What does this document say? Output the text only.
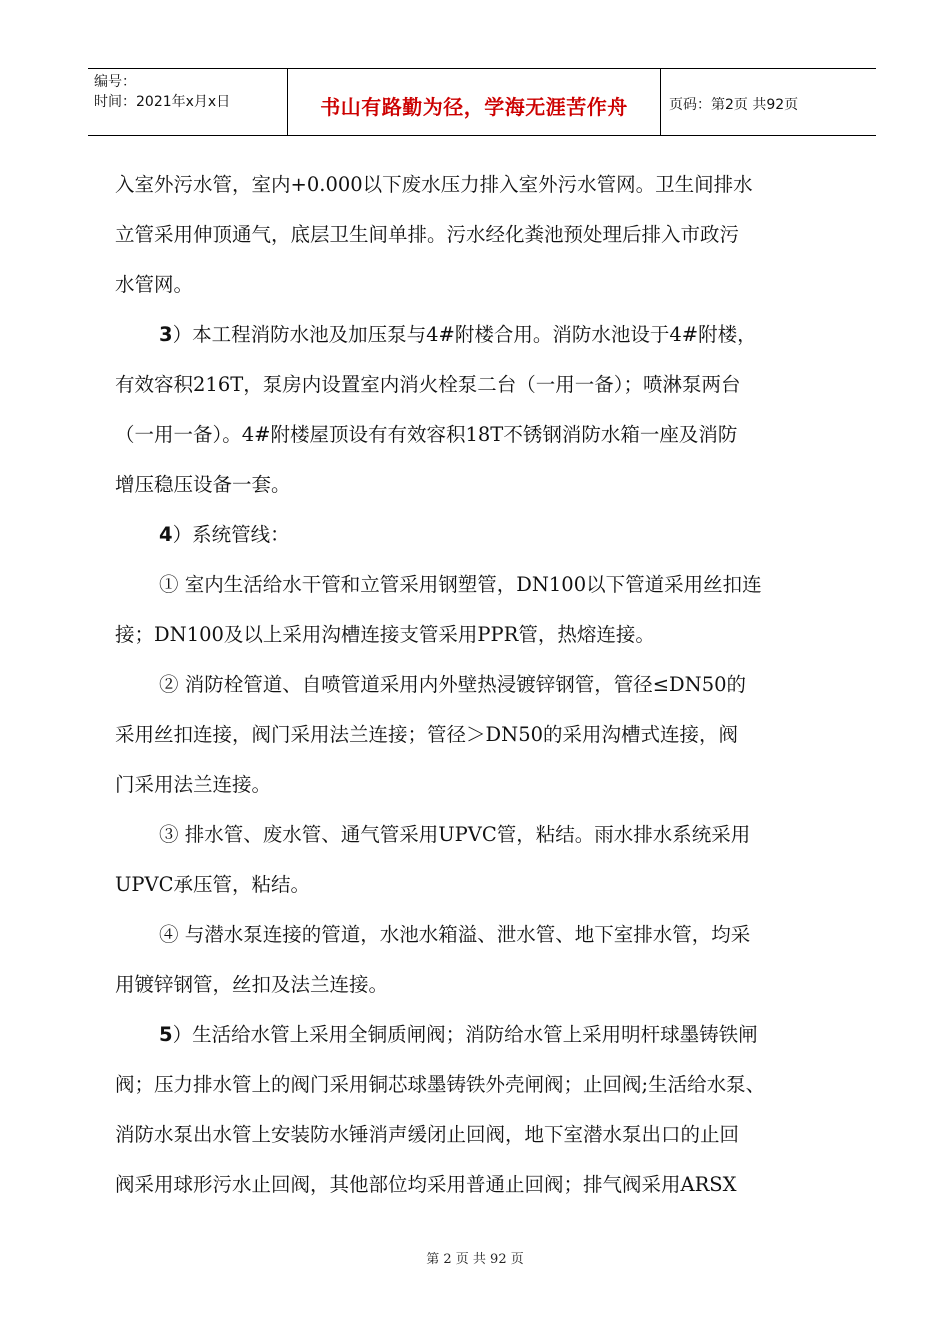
编号：
时间：2021年x月x日	书山有路勤为径，学海无涯苦作舟	页码：第2页 共92页

入室外污水管，室内+0.000以下废水压力排入室外污水管网。卫生间排水

立管采用伸顶通气，底层卫生间单排。污水经化粪池预处理后排入市政污

水管网。

3）本工程消防水池及加压泵与4#附楼合用。消防水池设于4#附楼，

有效容积216T，泵房内设置室内消火栓泵二台（一用一备）；喷淋泵两台

（一用一备）。4#附楼屋顶设有有效容积18T不锈钢消防水箱一座及消防

增压稳压设备一套。

4）系统管线：

① 室内生活给水干管和立管采用钢塑管，DN100以下管道采用丝扣连

接；DN100及以上采用沟槽连接支管采用PPR管，热熔连接。

② 消防栓管道、自喷管道采用内外壁热浸镀锌钢管，管径≤DN50的

采用丝扣连接，阀门采用法兰连接；管径＞DN50的采用沟槽式连接，阀

门采用法兰连接。

③ 排水管、废水管、通气管采用UPVC管，粘结。雨水排水系统采用

UPVC承压管，粘结。

④ 与潜水泵连接的管道，水池水箱溢、泄水管、地下室排水管，均采

用镀锌钢管，丝扣及法兰连接。

5）生活给水管上采用全铜质闸阀；消防给水管上采用明杆球墨铸铁闸

阀；压力排水管上的阀门采用铜芯球墨铸铁外壳闸阀；止回阀;生活给水泵、

消防水泵出水管上安装防水锤消声缓闭止回阀，地下室潜水泵出口的止回

阀采用球形污水止回阀，其他部位均采用普通止回阀；排气阀采用ARSX

第 2 页 共 92 页
